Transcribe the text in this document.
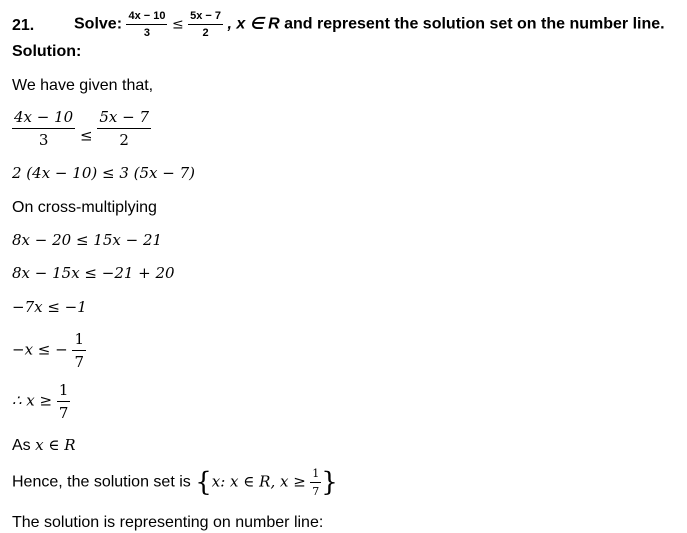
21. Solve: $\frac{4x - 10}{3} \le \frac{5x - 7}{2}$ , x ∈ R and represent the solution set on the number line.
Solution:
We have given that,
$\frac{4x - 10}{3} \le \frac{5x - 7}{2}$
2 (4x − 10) ≤ 3 (5x − 7)
On cross-multiplying
8x − 20 ≤ 15x − 21
8x − 15x ≤ −21 + 20
−7x ≤ −1
−x ≤ − $\frac{1}{7}$
∴ $x \ge \frac{1}{7}$
As x ∈ R
Hence, the solution set is {x: x ∈ R, $x \ge \frac{1}{7}$ }
The solution is representing on number line:
